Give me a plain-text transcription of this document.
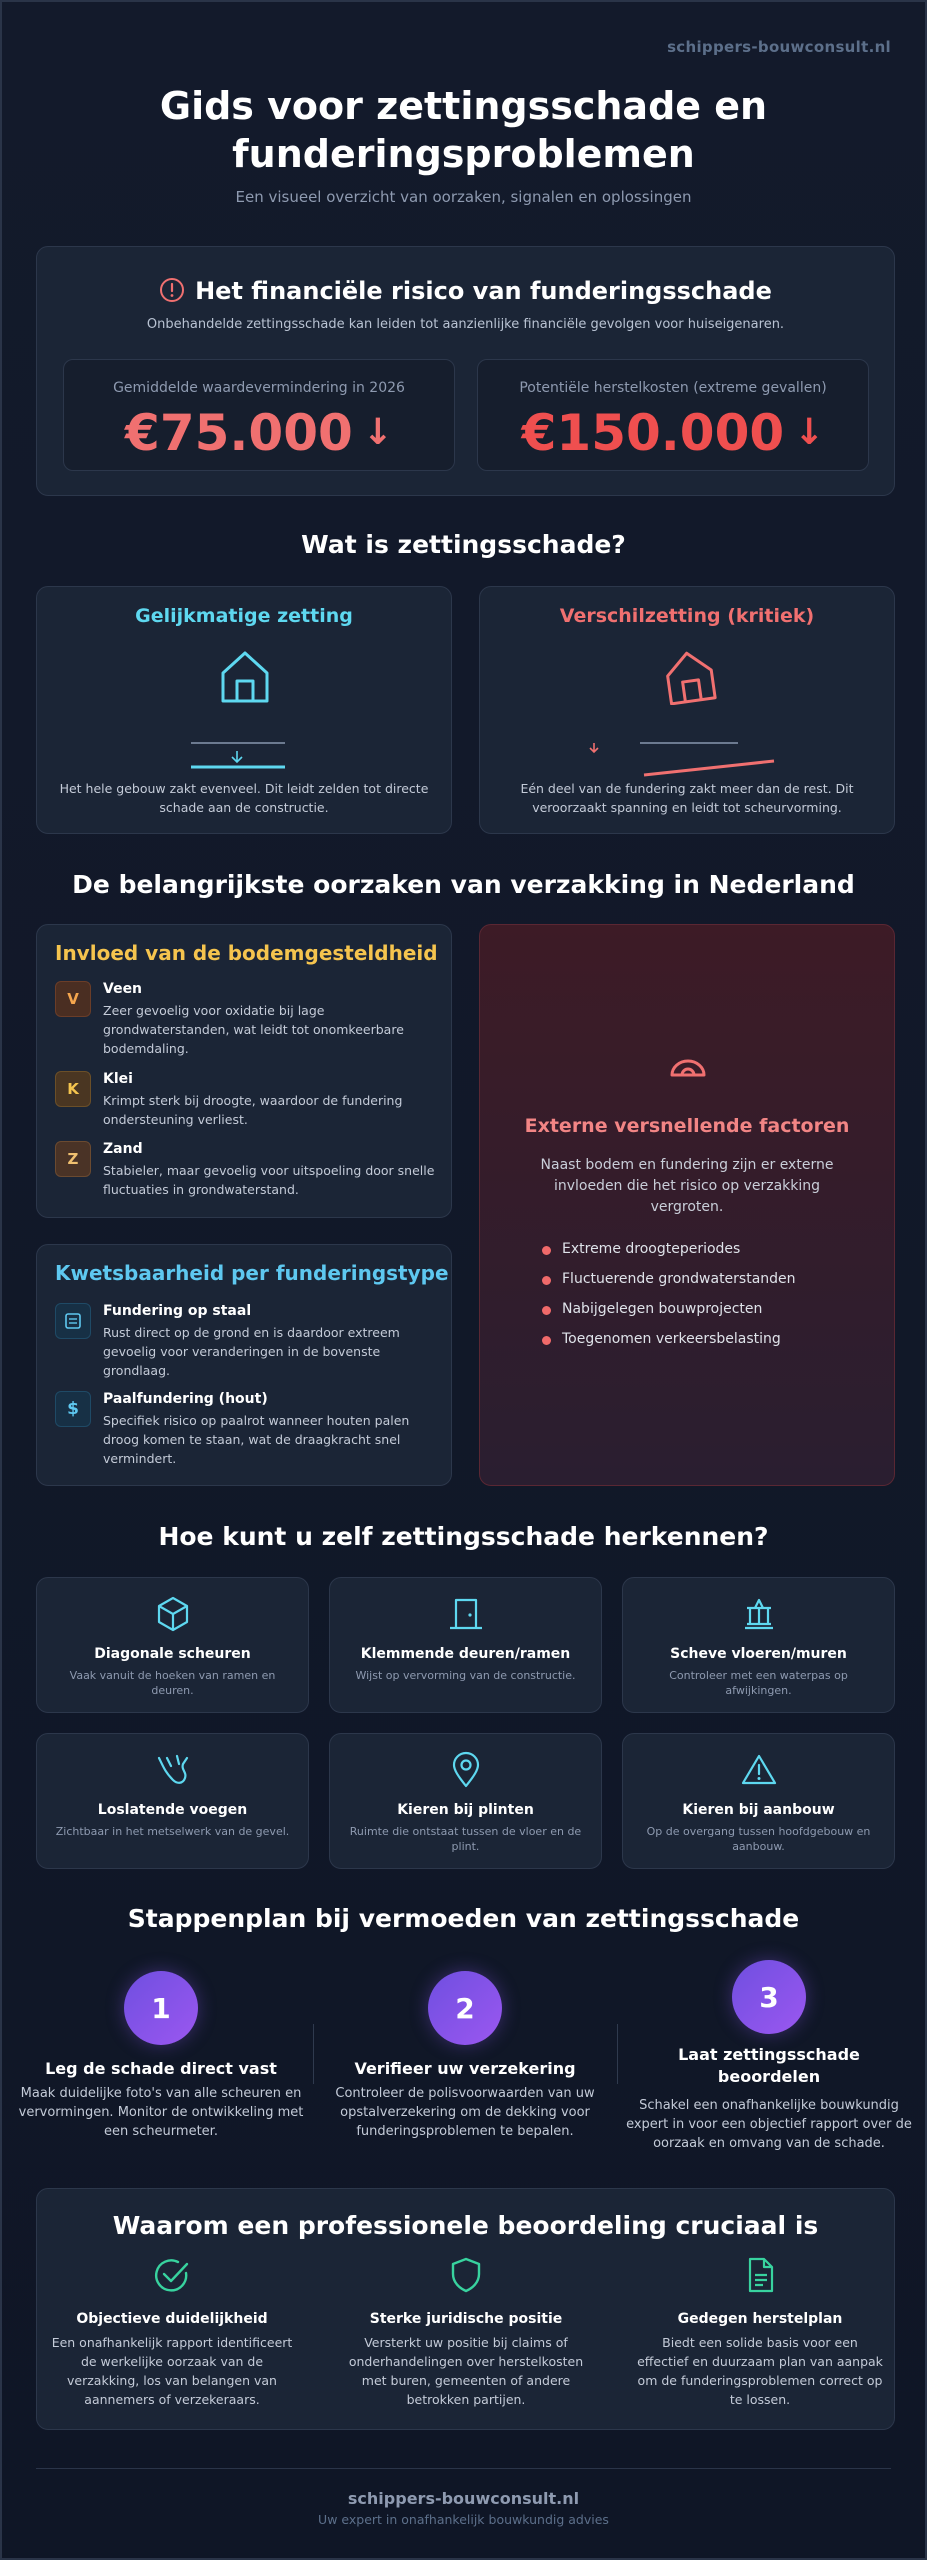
schippers-bouwconsult.nl
Gids voor zettingsschade en
funderingsproblemen
Een visueel overzicht van oorzaken, signalen en oplossingen
Het financiële risico van funderingsschade
Onbehandelde zettingsschade kan leiden tot aanzienlijke financiële gevolgen voor huiseigenaren.
Gemiddelde waardevermindering in 2026
€75.000 ↓
Potentiële herstelkosten (extreme gevallen)
€150.000 ↓
Wat is zettingsschade?
Gelijkmatige zetting
Het hele gebouw zakt evenveel. Dit leidt zelden tot directe schade aan de constructie.
Verschilzetting (kritiek)
Eén deel van de fundering zakt meer dan de rest. Dit veroorzaakt spanning en leidt tot scheurvorming.
De belangrijkste oorzaken van verzakking in Nederland
Invloed van de bodemgesteldheid
V
Veen
Zeer gevoelig voor oxidatie bij lage grondwaterstanden, wat leidt tot onomkeerbare bodemdaling.
K
Klei
Krimpt sterk bij droogte, waardoor de fundering ondersteuning verliest.
Z
Zand
Stabieler, maar gevoelig voor uitspoeling door snelle fluctuaties in grondwaterstand.
Kwetsbaarheid per funderingstype
Fundering op staal
Rust direct op de grond en is daardoor extreem gevoelig voor veranderingen in de bovenste grondlaag.
$	Paalfundering (hout)
Specifiek risico op paalrot wanneer houten palen droog komen te staan, wat de draagkracht snel vermindert.
Externe versnellende factoren
Naast bodem en fundering zijn er externe invloeden die het risico op verzakking vergroten.
Extreme droogteperiodes
Fluctuerende grondwaterstanden
Nabijgelegen bouwprojecten
Toegenomen verkeersbelasting
Hoe kunt u zelf zettingsschade herkennen?
Diagonale scheuren
Vaak vanuit de hoeken van ramen en deuren.
Klemmende deuren/ramen
Wijst op vervorming van de constructie.
Scheve vloeren/muren
Controleer met een waterpas op afwijkingen.
Loslatende voegen
Zichtbaar in het metselwerk van de gevel.
Kieren bij plinten
Ruimte die ontstaat tussen de vloer en de plint.
Kieren bij aanbouw
Op de overgang tussen hoofdgebouw en aanbouw.
Stappenplan bij vermoeden van zettingsschade
1
Leg de schade direct vast
Maak duidelijke foto's van alle scheuren en vervormingen. Monitor de ontwikkeling met een scheurmeter.
2
Verifieer uw verzekering
Controleer de polisvoorwaarden van uw opstalverzekering om de dekking voor funderingsproblemen te bepalen.
3
Laat zettingsschade beoordelen
Schakel een onafhankelijke bouwkundig expert in voor een objectief rapport over de oorzaak en omvang van de schade.
Waarom een professionele beoordeling cruciaal is
Objectieve duidelijkheid
Een onafhankelijk rapport identificeert de werkelijke oorzaak van de verzakking, los van belangen van aannemers of verzekeraars.
Sterke juridische positie
Versterkt uw positie bij claims of onderhandelingen over herstelkosten met buren, gemeenten of andere betrokken partijen.
Gedegen herstelplan
Biedt een solide basis voor een effectief en duurzaam plan van aanpak om de funderingsproblemen correct op te lossen.
schippers-bouwconsult.nl
Uw expert in onafhankelijk bouwkundig advies
